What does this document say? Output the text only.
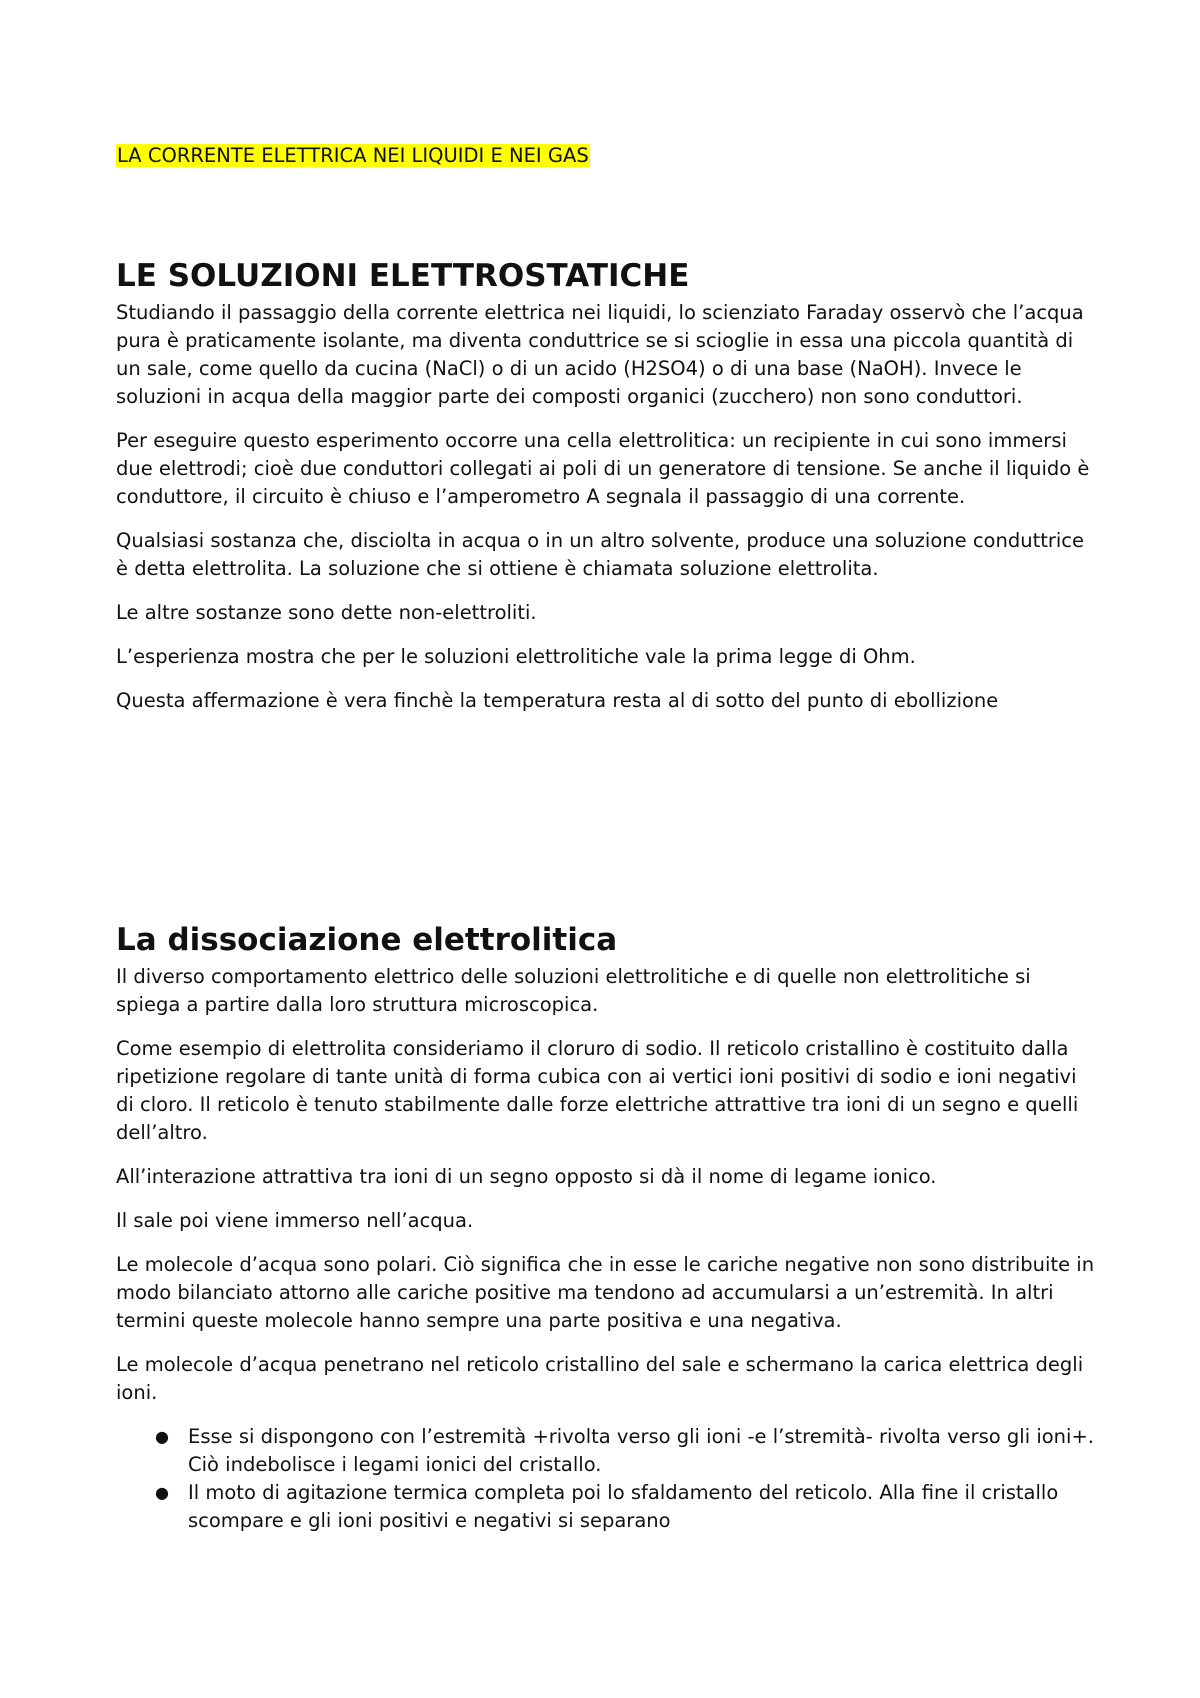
LA CORRENTE ELETTRICA NEI LIQUIDI E NEI GAS
LE SOLUZIONI ELETTROSTATICHE

Studiando il passaggio della corrente elettrica nei liquidi, lo scienziato Faraday osservò che l’acqua pura è praticamente isolante, ma diventa conduttrice se si scioglie in essa una piccola quantità di un sale, come quello da cucina (NaCl) o di un acido (H2SO4) o di una base (NaOH). Invece le soluzioni in acqua della maggior parte dei composti organici (zucchero) non sono conduttori.

Per eseguire questo esperimento occorre una cella elettrolitica: un recipiente in cui sono immersi due elettrodi; cioè due conduttori collegati ai poli di un generatore di tensione. Se anche il liquido è conduttore, il circuito è chiuso e l’amperometro A segnala il passaggio di una corrente.

Qualsiasi sostanza che, disciolta in acqua o in un altro solvente, produce una soluzione conduttrice è detta elettrolita. La soluzione che si ottiene è chiamata soluzione elettrolita.

Le altre sostanze sono dette non-elettroliti.

L’esperienza mostra che per le soluzioni elettrolitiche vale la prima legge di Ohm.

Questa affermazione è vera finchè la temperatura resta al di sotto del punto di ebollizione

La dissociazione elettrolitica

Il diverso comportamento elettrico delle soluzioni elettrolitiche e di quelle non elettrolitiche si spiega a partire dalla loro struttura microscopica.

Come esempio di elettrolita consideriamo il cloruro di sodio. Il reticolo cristallino è costituito dalla ripetizione regolare di tante unità di forma cubica con ai vertici ioni positivi di sodio e ioni negativi di cloro. Il reticolo è tenuto stabilmente dalle forze elettriche attrattive tra ioni di un segno e quelli dell’altro.

All’interazione attrattiva tra ioni di un segno opposto si dà il nome di legame ionico.

Il sale poi viene immerso nell’acqua.

Le molecole d’acqua sono polari. Ciò significa che in esse le cariche negative non sono distribuite in modo bilanciato attorno alle cariche positive ma tendono ad accumularsi a un’estremità. In altri termini queste molecole hanno sempre una parte positiva e una negativa.

Le molecole d’acqua penetrano nel reticolo cristallino del sale e schermano la carica elettrica degli ioni.

● Esse si dispongono con l’estremità +rivolta verso gli ioni -e l’stremità- rivolta verso gli ioni+. Ciò indebolisce i legami ionici del cristallo.
● Il moto di agitazione termica completa poi lo sfaldamento del reticolo. Alla fine il cristallo scompare e gli ioni positivi e negativi si separano
